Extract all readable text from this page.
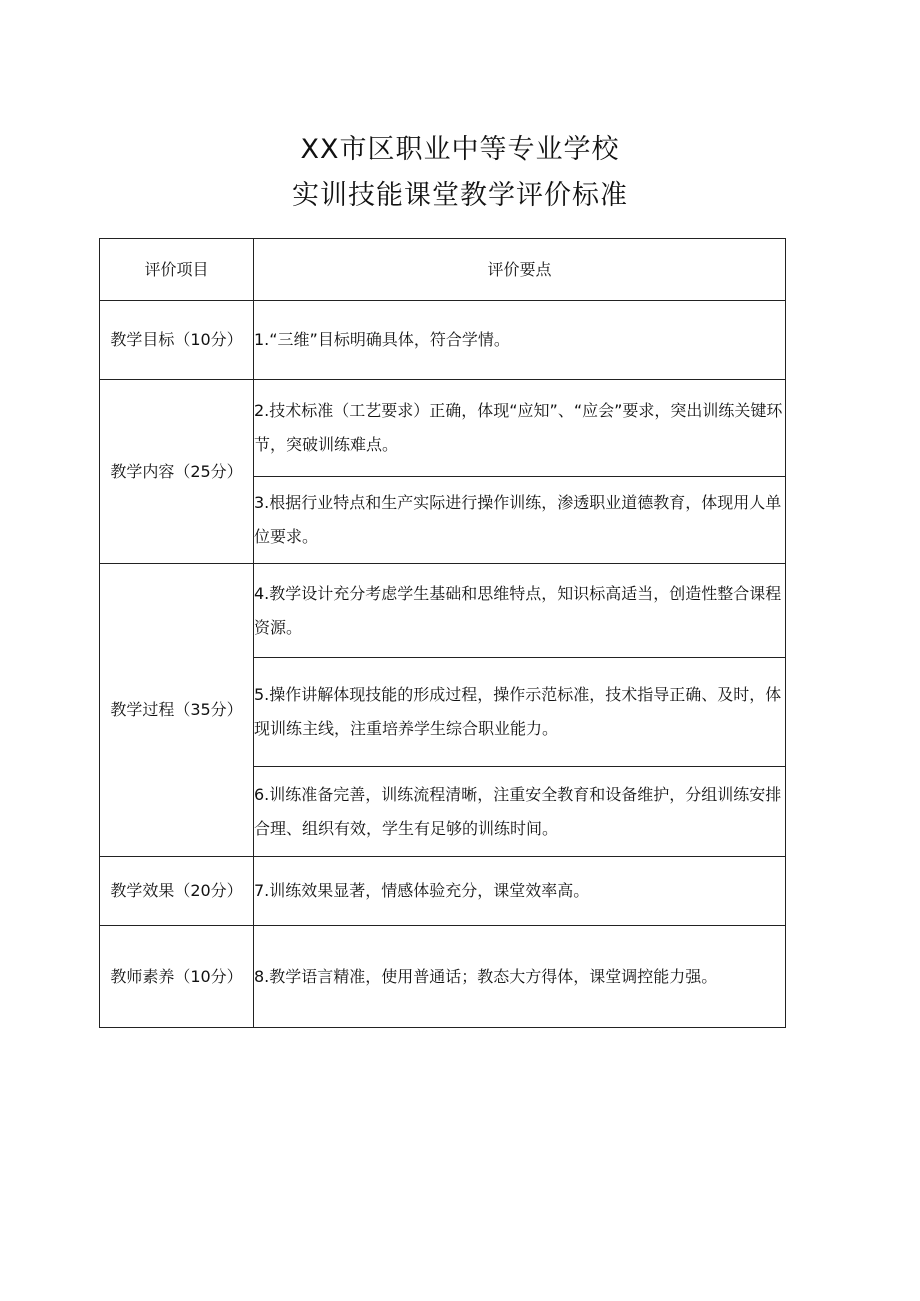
XX市区职业中等专业学校
实训技能课堂教学评价标准
评价项目	评价要点
教学目标（10分）	1.“三维”目标明确具体，符合学情。
教学内容（25分）	2.技术标准（工艺要求）正确，体现“应知”、“应会”要求，突出训练关键环节，突破训练难点。
	3.根据行业特点和生产实际进行操作训练，渗透职业道德教育，体现用人单位要求。
教学过程（35分）	4.教学设计充分考虑学生基础和思维特点，知识标高适当，创造性整合课程资源。
	5.操作讲解体现技能的形成过程，操作示范标准，技术指导正确、及时，体现训练主线，注重培养学生综合职业能力。
	6.训练准备完善，训练流程清晰，注重安全教育和设备维护，分组训练安排合理、组织有效，学生有足够的训练时间。
教学效果（20分）	7.训练效果显著，情感体验充分，课堂效率高。
教师素养（10分）	8.教学语言精准，使用普通话；教态大方得体，课堂调控能力强。
